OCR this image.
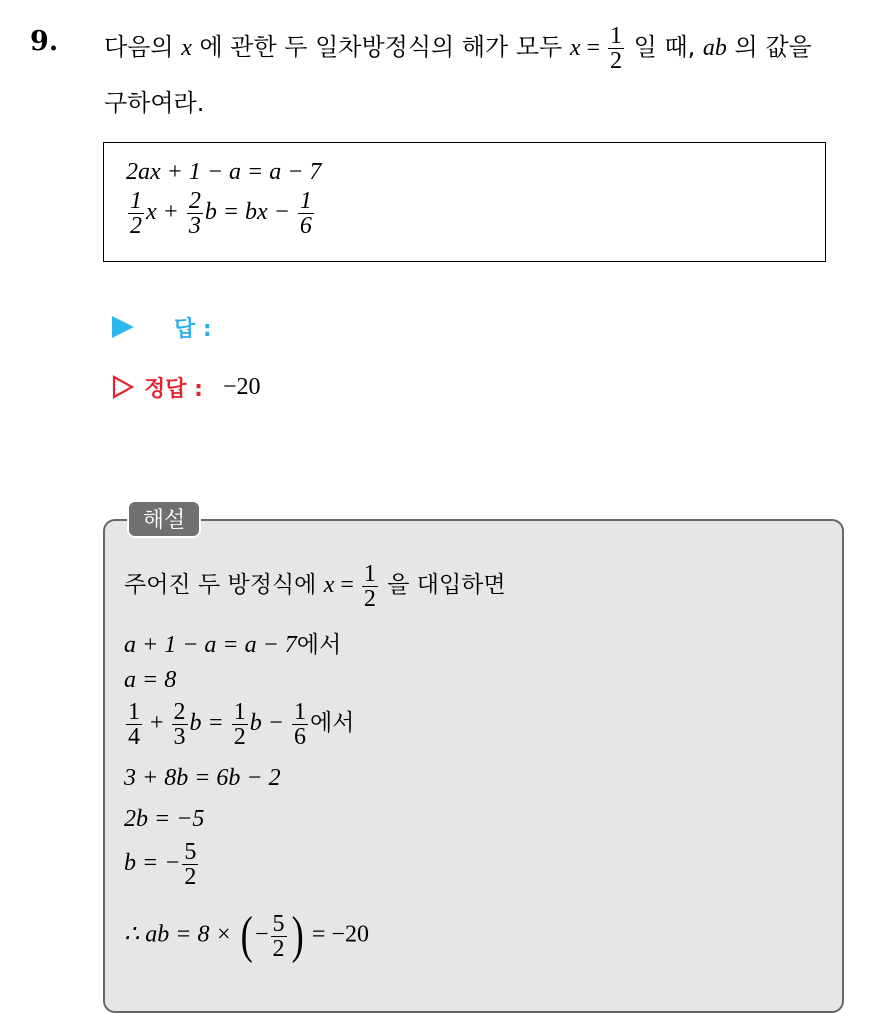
9. 다음의 x 에 관한 두 일차방정식의 해가 모두 $x = \frac{1}{2}$ 일 때, ab 의 값을
구하여라.
2ax + 1 − a = a − 7
$\frac{1}{2}$ $x + \frac{2}{3}$ b = bx − $\frac{1}{6}$
답 :
정답 : −20
해설
주어진 두 방정식에 $x = \frac{1}{2}$ 을 대입하면
a + 1 − a = a − 7에서
a = 8
$\frac{1}{4} + \frac{2}{3}$ $b = \frac{1}{2}$ $b - \frac{1}{6}$ 에서
3 + 8b = 6b − 2
2b = −5
b = − $\frac{5}{2}$
∴ ab = 8 × ( − $\frac{5}{2}$ ) = −20
